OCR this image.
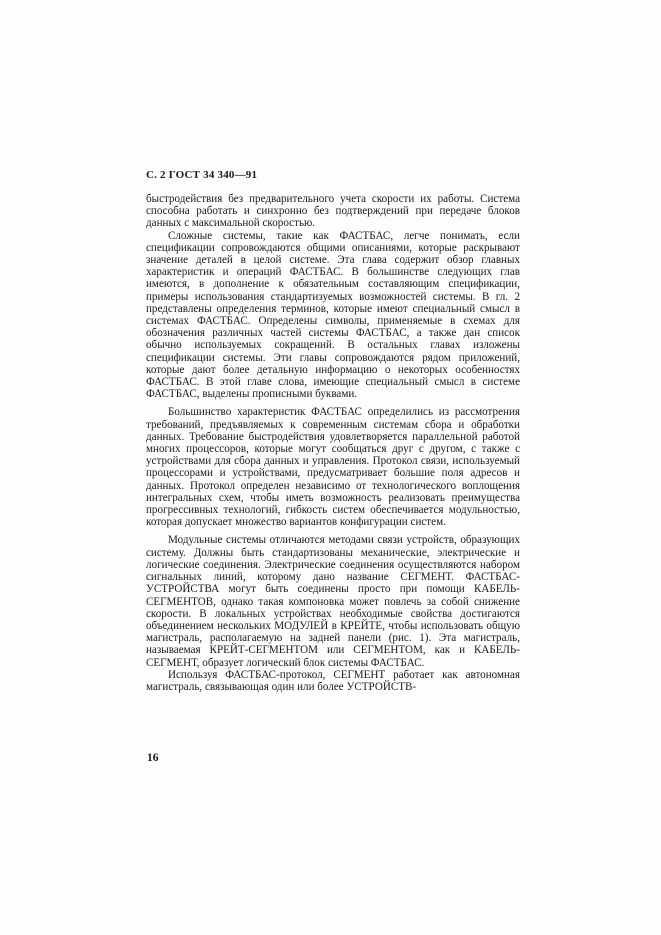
С. 2 ГОСТ 34 340—91

быстродействия без предварительного учета скорости их работы. Система способна работать и синхронно без подтверждений при передаче блоков данных с максимальной скоростью.

Сложные системы, такие как ФАСТБАС, легче понимать, если спецификации сопровождаются общими описаниями, которые раскрывают значение деталей в целой системе. Эта глава содержит обзор главных характеристик и операций ФАСТБАС. В большинстве следующих глав имеются, в дополнение к обязательным составляющим спецификации, примеры использования стандартизуемых возможностей системы. В гл. 2 представлены определения терминов, которые имеют специальный смысл в системах ФАСТБАС. Определены символы, применяемые в схемах для обозначения различных частей системы ФАСТБАС, а также дан список обычно используемых сокращений. В остальных главах изложены спецификации системы. Эти главы сопровождаются рядом приложений, которые дают более детальную информацию о некоторых особенностях ФАСТБАС. В этой главе слова, имеющие специальный смысл в системе ФАСТБАС, выделены прописными буквами.

Большинство характеристик ФАСТБАС определились из рассмотрения требований, предъявляемых к современным системам сбора и обработки данных. Требование быстродействия удовлетворяется параллельной работой многих процессоров, которые могут сообщаться друг с другом, с также с устройствами для сбора данных и управления. Протокол связи, используемый процессорами и устройствами, предусматривает большие поля адресов и данных. Протокол определен независимо от технологического воплощения интегральных схем, чтобы иметь возможность реализовать преимущества прогрессивных технологий, гибкость систем обеспечивается модульностью, которая допускает множество вариантов конфигурации систем.

Модульные системы отличаются методами связи устройств, образующих систему. Должны быть стандартизованы механические, электрические и логические соединения. Электрические соединения осуществляются набором сигнальных линий, которому дано название СЕГМЕНТ. ФАСТБАС-УСТРОЙСТВА могут быть соединены просто при помощи КАБЕЛЬ-СЕГМЕНТОВ, однако такая компоновка может повлечь за собой снижение скорости. В локальных устройствах необходимые свойства достигаются объединением нескольких МОДУЛЕЙ в КРЕЙТЕ, чтобы использовать общую магистраль, располагаемую на задней панели (рис. 1). Эта магистраль, называемая КРЕЙТ-СЕГМЕНТОМ или СЕГМЕНТОМ, как и КАБЕЛЬ-СЕГМЕНТ, образует логический блок системы ФАСТБАС.

Используя ФАСТБАС-протокол, СЕГМЕНТ работает как автономная магистраль, связывающая один или более УСТРОЙСТВ-

16
